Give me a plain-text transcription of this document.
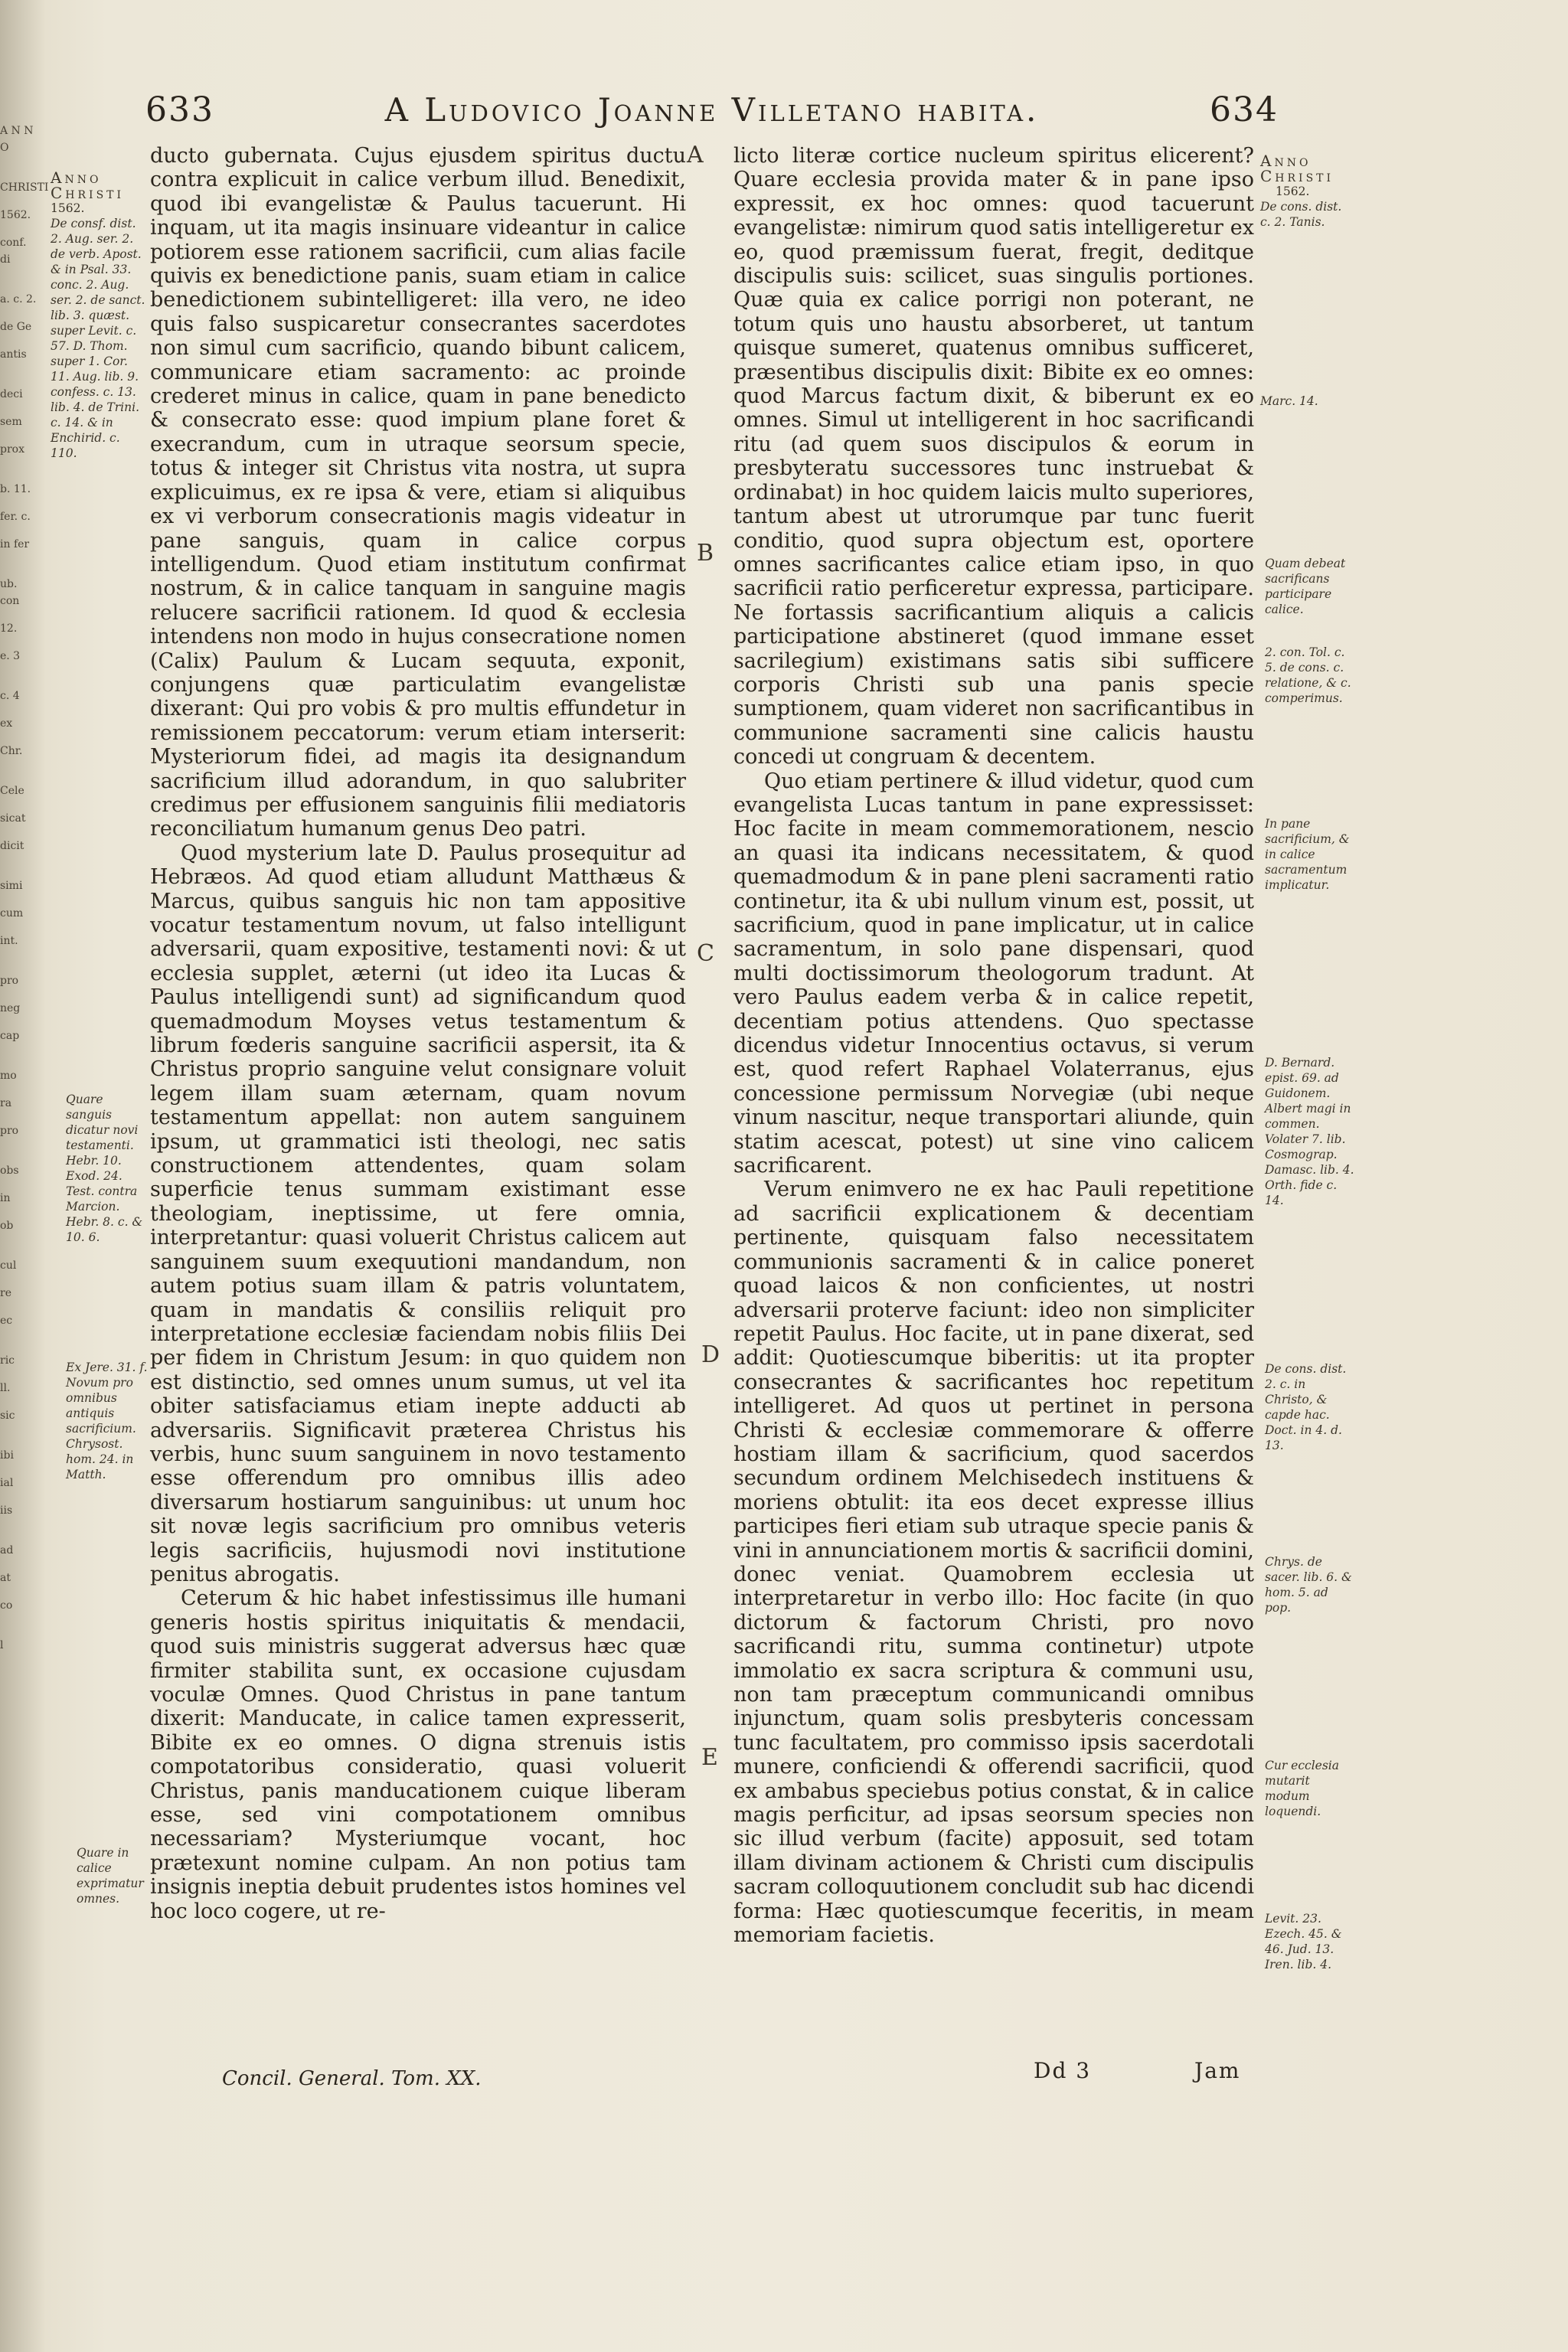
A N N O
CHRISTI
1562.
conf. di
a. c. 2.
de Ge
antis
deci
sem
prox
b. 11.
fer. c.
in fer
ub. con
12.
e. 3
c. 4
ex
Chr.
Cele
sicat
dicit
simi
cum
int.
pro
neg
cap
mo
ra
pro
obs
in
ob
cul
re
ec
ric
ll.
sic
ibi
ial
iis
ad
at
co
l
633	A Ludovico Joanne Villetano habita.	634
Anno
Christi
1562.
De consf. dist. 2. Aug. ser. 2. de verb. Apost. & in Psal. 33. conc. 2. Aug. ser. 2. de sanct. lib. 3. quæst. super Levit. c. 57. D. Thom. super 1. Cor. 11. Aug. lib. 9. confess. c. 13. lib. 4. de Trini. c. 14. & in Enchirid. c. 110.
Quare sanguis dicatur novi testamenti. Hebr. 10. Exod. 24. Test. contra Marcion. Hebr. 8. c. & 10. 6.
Ex Jere. 31. f. Novum pro omnibus antiquis sacrificium. Chrysost. hom. 24. in Matth.
Quare in calice exprimatur omnes.
A
B
C
D
E

ducto gubernata. Cujus ejusdem spiritus ductu contra explicuit in calice verbum illud. Benedixit, quod ibi evangelistæ & Paulus tacuerunt. Hi inquam, ut ita magis insinuare videantur in calice potiorem esse rationem sacrificii, cum alias facile quivis ex benedictione panis, suam etiam in calice benedictionem subintelligeret: illa vero, ne ideo quis falso suspicaretur consecrantes sacerdotes non simul cum sacrificio, quando bibunt calicem, communicare etiam sacramento: ac proinde crederet minus in calice, quam in pane benedicto & consecrato esse: quod impium plane foret & execrandum, cum in utraque seorsum specie, totus & integer sit Christus vita nostra, ut supra explicuimus, ex re ipsa & vere, etiam si aliquibus ex vi verborum consecrationis magis videatur in pane sanguis, quam in calice corpus intelligendum. Quod etiam institutum confirmat nostrum, & in calice tanquam in sanguine magis relucere sacrificii rationem. Id quod & ecclesia intendens non modo in hujus consecratione nomen (Calix) Paulum & Lucam sequuta, exponit, conjungens quæ particulatim evangelistæ dixerant: Qui pro vobis & pro multis effundetur in remissionem peccatorum: verum etiam interserit: Mysteriorum fidei, ad magis ita designandum sacrificium illud adorandum, in quo salubriter credimus per effusionem sanguinis filii mediatoris reconciliatum humanum genus Deo patri.

Quod mysterium late D. Paulus prosequitur ad Hebræos. Ad quod etiam alludunt Matthæus & Marcus, quibus sanguis hic non tam appositive vocatur testamentum novum, ut falso intelligunt adversarii, quam expositive, testamenti novi: & ut ecclesia supplet, æterni (ut ideo ita Lucas & Paulus intelligendi sunt) ad significandum quod quemadmodum Moyses vetus testamentum & librum fœderis sanguine sacrificii aspersit, ita & Christus proprio sanguine velut consignare voluit legem illam suam æternam, quam novum testamentum appellat: non autem sanguinem ipsum, ut grammatici isti theologi, nec satis constructionem attendentes, quam solam superficie tenus summam existimant esse theologiam, ineptissime, ut fere omnia, interpretantur: quasi voluerit Christus calicem aut sanguinem suum exequutioni mandandum, non autem potius suam illam & patris voluntatem, quam in mandatis & consiliis reliquit pro interpretatione ecclesiæ faciendam nobis filiis Dei per fidem in Christum Jesum: in quo quidem non est distinctio, sed omnes unum sumus, ut vel ita obiter satisfaciamus etiam inepte adducti ab adversariis. Significavit præterea Christus his verbis, hunc suum sanguinem in novo testamento esse offerendum pro omnibus illis adeo diversarum hostiarum sanguinibus: ut unum hoc sit novæ legis sacrificium pro omnibus veteris legis sacrificiis, hujusmodi novi institutione penitus abrogatis.

Ceterum & hic habet infestissimus ille humani generis hostis spiritus iniquitatis & mendacii, quod suis ministris suggerat adversus hæc quæ firmiter stabilita sunt, ex occasione cujusdam voculæ Omnes. Quod Christus in pane tantum dixerit: Manducate, in calice tamen expresserit, Bibite ex eo omnes. O digna strenuis istis compotatoribus consideratio, quasi voluerit Christus, panis manducationem cuique liberam esse, sed vini compotationem omnibus necessariam? Mysteriumque vocant, hoc prætexunt nomine culpam. An non potius tam insignis ineptia debuit prudentes istos homines vel hoc loco cogere, ut re-

licto literæ cortice nucleum spiritus elicerent? Quare ecclesia provida mater & in pane ipso expressit, ex hoc omnes: quod tacuerunt evangelistæ: nimirum quod satis intelligeretur ex eo, quod præmissum fuerat, fregit, deditque discipulis suis: scilicet, suas singulis portiones. Quæ quia ex calice porrigi non poterant, ne totum quis uno haustu absorberet, ut tantum quisque sumeret, quatenus omnibus sufficeret, præsentibus discipulis dixit: Bibite ex eo omnes: quod Marcus factum dixit, & biberunt ex eo omnes. Simul ut intelligerent in hoc sacrificandi ritu (ad quem suos discipulos & eorum in presbyteratu successores tunc instruebat & ordinabat) in hoc quidem laicis multo superiores, tantum abest ut utrorumque par tunc fuerit conditio, quod supra objectum est, oportere omnes sacrificantes calice etiam ipso, in quo sacrificii ratio perficeretur expressa, participare. Ne fortassis sacrificantium aliquis a calicis participatione abstineret (quod immane esset sacrilegium) existimans satis sibi sufficere corporis Christi sub una panis specie sumptionem, quam videret non sacrificantibus in communione sacramenti sine calicis haustu concedi ut congruam & decentem.

Quo etiam pertinere & illud videtur, quod cum evangelista Lucas tantum in pane expressisset: Hoc facite in meam commemorationem, nescio an quasi ita indicans necessitatem, & quod quemadmodum & in pane pleni sacramenti ratio continetur, ita & ubi nullum vinum est, possit, ut sacrificium, quod in pane implicatur, ut in calice sacramentum, in solo pane dispensari, quod multi doctissimorum theologorum tradunt. At vero Paulus eadem verba & in calice repetit, decentiam potius attendens. Quo spectasse dicendus videtur Innocentius octavus, si verum est, quod refert Raphael Volaterranus, ejus concessione permissum Norvegiæ (ubi neque vinum nascitur, neque transportari aliunde, quin statim acescat, potest) ut sine vino calicem sacrificarent.

Verum enimvero ne ex hac Pauli repetitione ad sacrificii explicationem & decentiam pertinente, quisquam falso necessitatem communionis sacramenti & in calice poneret quoad laicos & non conficientes, ut nostri adversarii proterve faciunt: ideo non simpliciter repetit Paulus. Hoc facite, ut in pane dixerat, sed addit: Quotiescumque biberitis: ut ita propter consecrantes & sacrificantes hoc repetitum intelligeret. Ad quos ut pertinet in persona Christi & ecclesiæ commemorare & offerre hostiam illam & sacrificium, quod sacerdos secundum ordinem Melchisedech instituens & moriens obtulit: ita eos decet expresse illius participes fieri etiam sub utraque specie panis & vini in annunciationem mortis & sacrificii domini, donec veniat. Quamobrem ecclesia ut interpretaretur in verbo illo: Hoc facite (in quo dictorum & factorum Christi, pro novo sacrificandi ritu, summa continetur) utpote immolatio ex sacra scriptura & communi usu, non tam præceptum communicandi omnibus injunctum, quam solis presbyteris concessam tunc facultatem, pro commisso ipsis sacerdotali munere, conficiendi & offerendi sacrificii, quod ex ambabus speciebus potius constat, & in calice magis perficitur, ad ipsas seorsum species non sic illud verbum (facite) apposuit, sed totam illam divinam actionem & Christi cum discipulis sacram colloquutionem concludit sub hac dicendi forma: Hæc quotiescumque feceritis, in meam memoriam facietis.

Anno
Christi
1562.
De cons. dist. c. 2. Tanis.
Marc. 14.
Quam debeat sacrificans participare calice.
2. con. Tol. c. 5. de cons. c. relatione, & c. comperimus.
In pane sacrificium, & in calice sacramentum implicatur.
D. Bernard. epist. 69. ad Guidonem. Albert magi in commen. Volater 7. lib. Cosmograp. Damasc. lib. 4. Orth. fide c. 14.
De cons. dist. 2. c. in Christo, & capde hac. Doct. in 4. d. 13.
Chrys. de sacer. lib. 6. & hom. 5. ad pop.
Cur ecclesia mutarit modum loquendi.
Levit. 23. Ezech. 45. & 46. Jud. 13. Iren. lib. 4.
Concil. General. Tom. XX.	Dd 3	Jam
